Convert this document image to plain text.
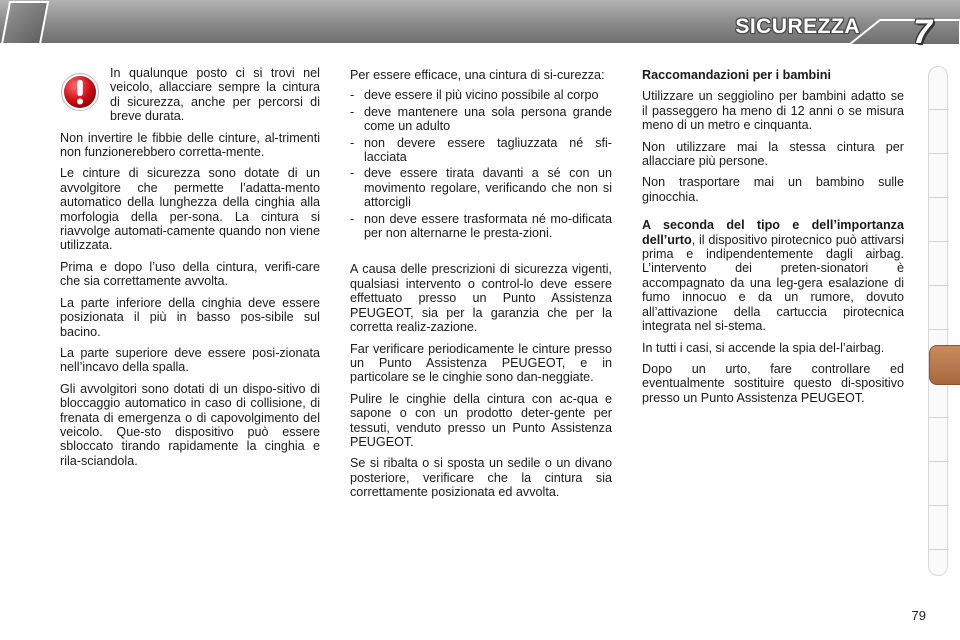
SICUREZZA 7

In qualunque posto ci si trovi nel veicolo, allacciare sempre la cintura di sicurezza, anche per percorsi di breve durata.

Non invertire le fibbie delle cinture, al-trimenti non funzionerebbero corretta-mente.

Le cinture di sicurezza sono dotate di un avvolgitore che permette l’adatta-mento automatico della lunghezza della cinghia alla morfologia della per-sona. La cintura si riavvolge automati-camente quando non viene utilizzata.

Prima e dopo l’uso della cintura, verifi-care che sia correttamente avvolta.

La parte inferiore della cinghia deve essere posizionata il più in basso pos-sibile sul bacino.

La parte superiore deve essere posi-zionata nell’incavo della spalla.

Gli avvolgitori sono dotati di un dispo-sitivo di bloccaggio automatico in caso di collisione, di frenata di emergenza o di capovolgimento del veicolo. Que-sto dispositivo può essere sbloccato tirando rapidamente la cinghia e rila-sciandola.

Per essere efficace, una cintura di si-curezza:

- deve essere il più vicino possibile al corpo
- deve mantenere una sola persona grande come un adulto
- non devere essere tagliuzzata né sfi-lacciata
- deve essere tirata davanti a sé con un movimento regolare, verificando che non si attorcigli
- non deve essere trasformata né mo-dificata per non alternarne le presta-zioni.

A causa delle prescrizioni di sicurezza vigenti, qualsiasi intervento o control-lo deve essere effettuato presso un Punto Assistenza PEUGEOT, sia per la garanzia che per la corretta realiz-zazione.

Far verificare periodicamente le cinture presso un Punto Assistenza PEUGEOT, e in particolare se le cinghie sono dan-neggiate.

Pulire le cinghie della cintura con ac-qua e sapone o con un prodotto deter-gente per tessuti, venduto presso un Punto Assistenza PEUGEOT.

Se si ribalta o si sposta un sedile o un divano posteriore, verificare che la cintura sia correttamente posizionata ed avvolta.

Raccomandazioni per i bambini

Utilizzare un seggiolino per bambini adatto se il passeggero ha meno di 12 anni o se misura meno di un metro e cinquanta.

Non utilizzare mai la stessa cintura per allacciare più persone.

Non trasportare mai un bambino sulle ginocchia.

A seconda del tipo e dell’importanza dell’urto, il dispositivo pirotecnico può attivarsi prima e indipendentemente dagli airbag. L’intervento dei preten-sionatori è accompagnato da una leg-gera esalazione di fumo innocuo e da un rumore, dovuto all’attivazione della cartuccia pirotecnica integrata nel si-stema.

In tutti i casi, si accende la spia del-l’airbag.

Dopo un urto, fare controllare ed eventualmente sostituire questo di-spositivo presso un Punto Assistenza PEUGEOT.

79
